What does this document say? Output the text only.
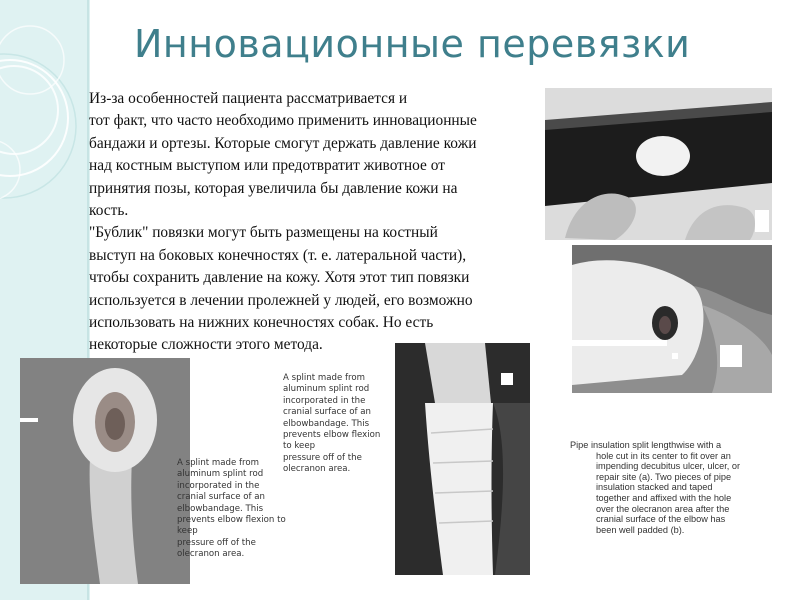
Инновационные перевязки
Из-за особенностей пациента рассматривается и
тот факт, что часто необходимо применить инновационные
бандажи и ортезы. Которые смогут держать давление кожи
над костным выступом или предотвратит животное от
принятия позы, которая увеличила бы давление кожи на
кость.
"Бублик" повязки могут быть размещены на костный
выступ на боковых конечностях (т. е. латеральной части),
чтобы сохранить давление на кожу. Хотя этот тип повязки
используется в лечении пролежней у людей, его возможно
использовать на нижних конечностях собак. Но есть
некоторые сложности этого метода.
A splint made from
aluminum splint rod
incorporated in the
cranial surface of an
elbowbandage. This
prevents elbow flexion
to keep
pressure off of the
olecranon area.
A splint made from
aluminum splint rod
incorporated in the
cranial surface of an
elbowbandage. This
prevents elbow flexion to
keep
pressure off of the
olecranon area.
Pipe insulation split lengthwise with a
hole cut in its center to fit over an
impending decubitus ulcer, ulcer, or
repair site (a). Two pieces of pipe
insulation stacked and taped
together and affixed with the hole
over the olecranon area after the
cranial surface of the elbow has
been well padded (b).
